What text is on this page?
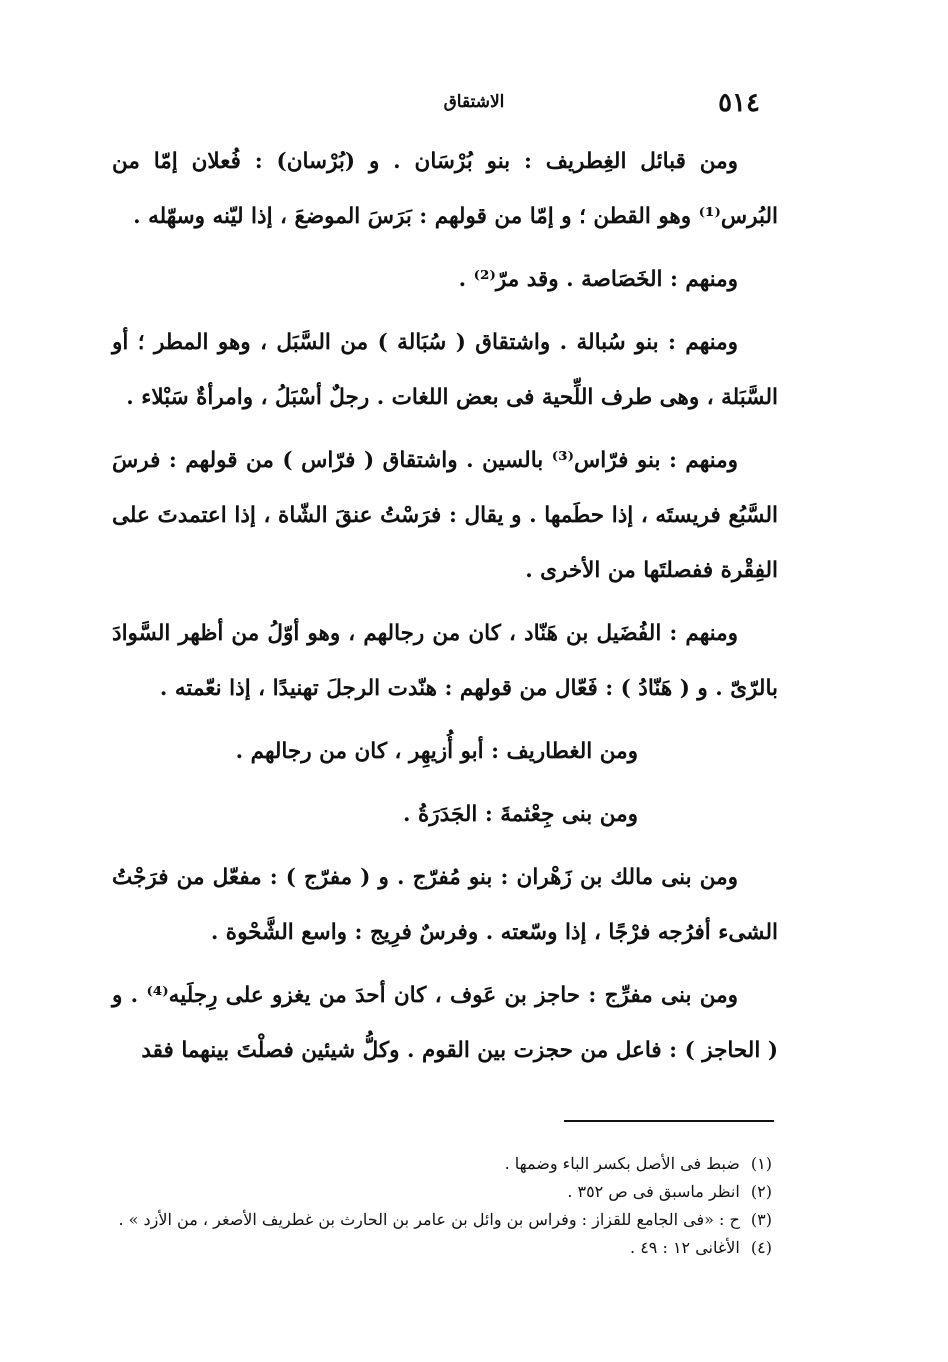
٥١٤
الاشتقاق

ومن قبائل الغِطريف : بنو بُرْسَان . و (بُرْسان) : فُعلان إمّا من البُرس⁽¹⁾ وهو القطن ؛ و إمّا من قولهم : بَرَسَ الموضعَ ، إذا ليّنه وسهّله .

ومنهم : الخَصَاصة . وقد مرّ⁽²⁾ .

ومنهم : بنو سُبالة . واشتقاق ( سُبَالة ) من السَّبَل ، وهو المطر ؛ أو السَّبَلة ، وهى طرف اللِّحية فى بعض اللغات . رجلٌ أسْبَلُ ، وامرأةٌ سَبْلاء .

ومنهم : بنو فرّاس⁽³⁾ بالسين . واشتقاق ( فرّاس ) من قولهم : فرسَ السَّبُع فريستَه ، إذا حطَمها . و يقال : فرَسْتُ عنقَ الشّاة ، إذا اعتمدتَ على الفِقْرة ففصلتَها من الأخرى .

ومنهم : الفُضَيل بن هَنّاد ، كان من رجالهم ، وهو أوّلُ من أظهر السَّوادَ بالرّىّ . و ( هَنّادُ ) : فَعّال من قولهم : هنّدت الرجلَ تهنيدًا ، إذا نعّمته .

ومن الغطاريف : أبو أُزيهِر ، كان من رجالهم .

ومن بنى جِعْثمةَ : الجَدَرَةُ .

ومن بنى مالك بن زَهْران : بنو مُفرّج . و ( مفرّج ) : مفعّل من فرَجْتُ الشىء أفرُجه فرْجًا ، إذا وسّعته . وفرسٌ فرِيج : واسع الشَّحْوة .

ومن بنى مفرِّج : حاجز بن عَوف ، كان أحدَ من يغزو على رِجلَيه⁽⁴⁾ . و ( الحاجز ) : فاعل من حجزت بين القوم . وكلُّ شيئين فصلْتَ بينهما فقد

(١) ضبط فى الأصل بكسر الباء وضمها .
(٢) انظر ماسبق فى ص ٣٥٢ .
(٣) ح : «فى الجامع للقزاز : وفراس بن وائل بن عامر بن الحارث بن غطريف الأصغر ، من الأزد » .
(٤) الأغانى ١٢ : ٤٩ .
